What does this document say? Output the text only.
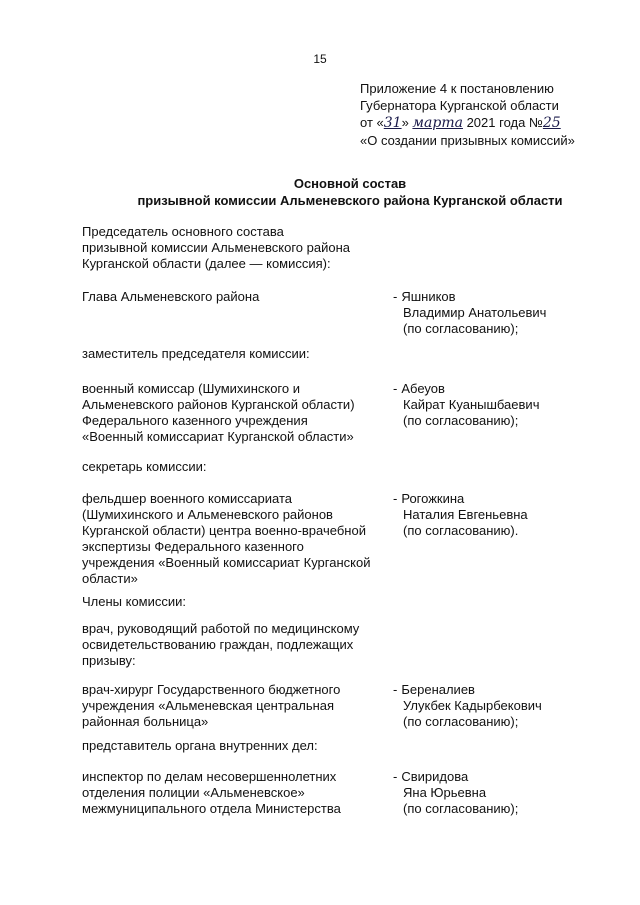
15
Приложение 4 к постановлению
Губернатора Курганской области
от «31» марта 2021 года №25
«О создании призывных комиссий»
Основной состав
призывной комиссии Альменевского района Курганской области
Председатель основного состава
призывной комиссии Альменевского района
Курганской области (далее — комиссия):
Глава Альменевского района	- Яшников
Владимир Анатольевич
(по согласованию);
заместитель председателя комиссии:
военный комиссар (Шумихинского и
Альменевского районов Курганской области)
Федерального казенного учреждения
«Военный комиссариат Курганской области»
- Абеуов
Кайрат Куанышбаевич
(по согласованию);
секретарь комиссии:
фельдшер военного комиссариата
(Шумихинского и Альменевского районов
Курганской области) центра военно-врачебной
экспертизы Федерального казенного
учреждения «Военный комиссариат Курганской
области»
- Рогожкина
Наталия Евгеньевна
(по согласованию).
Члены комиссии:
врач, руководящий работой по медицинскому
освидетельствованию граждан, подлежащих
призыву:
врач-хирург Государственного бюджетного
учреждения «Альменевская центральная
районная больница»
- Береналиев
Улукбек Кадырбекович
(по согласованию);
представитель органа внутренних дел:
инспектор по делам несовершеннолетних
отделения полиции «Альменевское»
межмуниципального отдела Министерства
- Свиридова
Яна Юрьевна
(по согласованию);
